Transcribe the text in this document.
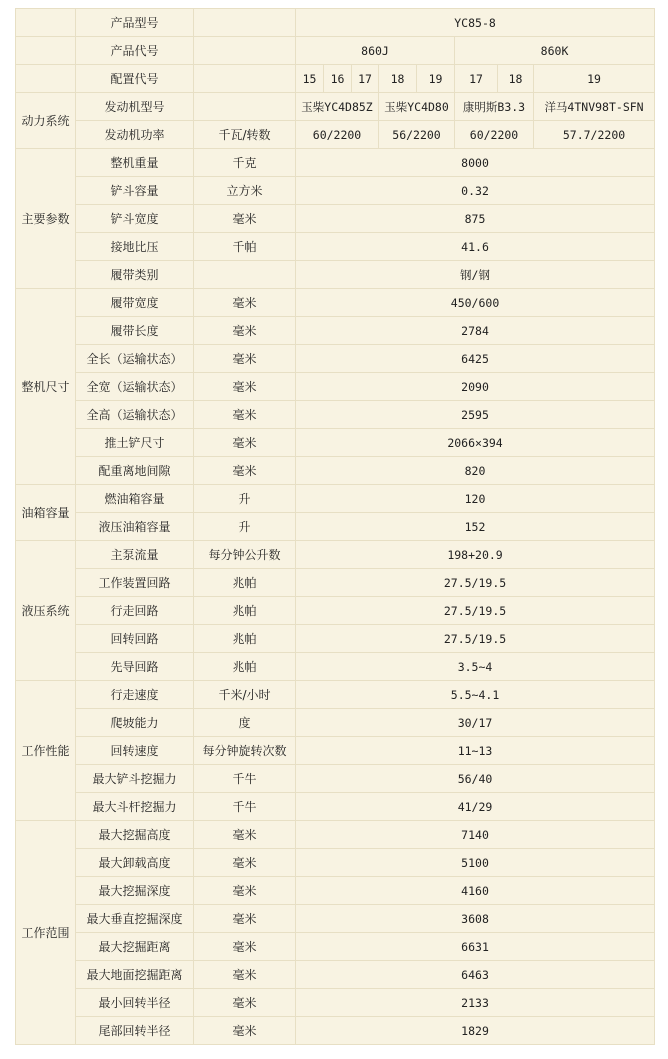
	产品型号		YC85-8							
	产品代号		860J					860K		
	配置代号		15	16	17	18	19	17	18	19
动力系统	发动机型号		玉柴YC4D85Z			玉柴YC4D80		康明斯B3.3		洋马4TNV98T-SFN
	发动机功率	千瓦/转数	60/2200			56/2200		60/2200		57.7/2200
主要参数	整机重量	千克	8000							
	铲斗容量	立方米	0.32							
	铲斗宽度	毫米	875							
	接地比压	千帕	41.6							
	履带类别		钢/钢							
整机尺寸	履带宽度	毫米	450/600							
	履带长度	毫米	2784							
	全长（运输状态）	毫米	6425							
	全宽（运输状态）	毫米	2090							
	全高（运输状态）	毫米	2595							
	推土铲尺寸	毫米	2066×394							
	配重离地间隙	毫米	820							
油箱容量	燃油箱容量	升	120							
	液压油箱容量	升	152							
液压系统	主泵流量	每分钟公升数	198+20.9							
	工作装置回路	兆帕	27.5/19.5							
	行走回路	兆帕	27.5/19.5							
	回转回路	兆帕	27.5/19.5							
	先导回路	兆帕	3.5~4							
工作性能	行走速度	千米/小时	5.5~4.1							
	爬坡能力	度	30/17							
	回转速度	每分钟旋转次数	11~13							
	最大铲斗挖掘力	千牛	56/40							
	最大斗杆挖掘力	千牛	41/29							
工作范围	最大挖掘高度	毫米	7140							
	最大卸载高度	毫米	5100							
	最大挖掘深度	毫米	4160							
	最大垂直挖掘深度	毫米	3608							
	最大挖掘距离	毫米	6631							
	最大地面挖掘距离	毫米	6463							
	最小回转半径	毫米	2133							
	尾部回转半径	毫米	1829							
